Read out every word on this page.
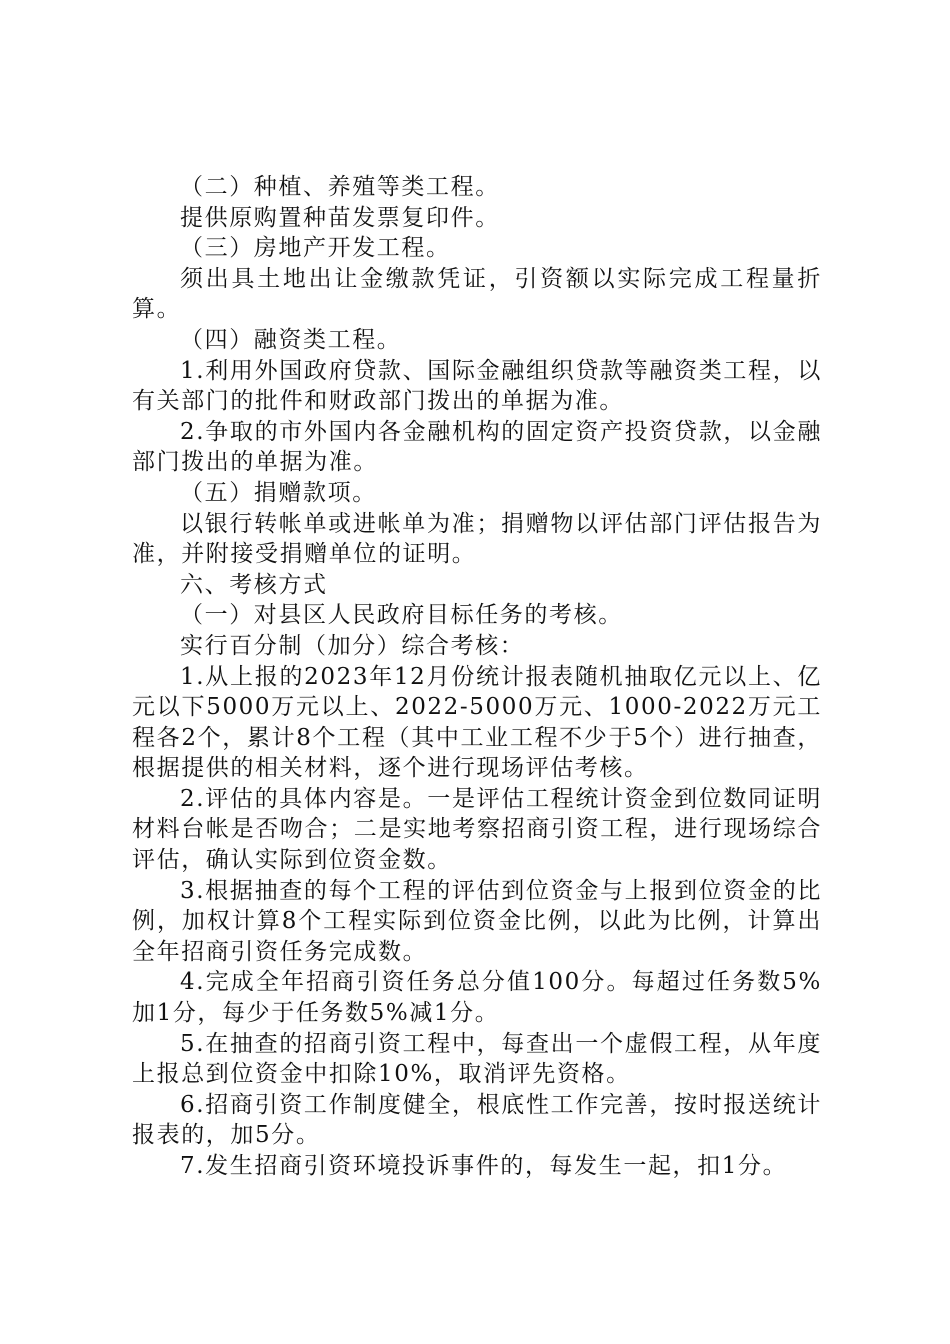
（二）种植、养殖等类工程。

提供原购置种苗发票复印件。

（三）房地产开发工程。

须出具土地出让金缴款凭证，引资额以实际完成工程量折算。

（四）融资类工程。

1.利用外国政府贷款、国际金融组织贷款等融资类工程，以有关部门的批件和财政部门拨出的单据为准。

2.争取的市外国内各金融机构的固定资产投资贷款，以金融部门拨出的单据为准。

（五）捐赠款项。

以银行转帐单或进帐单为准；捐赠物以评估部门评估报告为准，并附接受捐赠单位的证明。

六、考核方式

（一）对县区人民政府目标任务的考核。

实行百分制（加分）综合考核：

1.从上报的2023年12月份统计报表随机抽取亿元以上、亿元以下5000万元以上、2022-5000万元、1000-2022万元工程各2个，累计8个工程（其中工业工程不少于5个）进行抽查，根据提供的相关材料，逐个进行现场评估考核。

2.评估的具体内容是。一是评估工程统计资金到位数同证明材料台帐是否吻合；二是实地考察招商引资工程，进行现场综合评估，确认实际到位资金数。

3.根据抽查的每个工程的评估到位资金与上报到位资金的比例，加权计算8个工程实际到位资金比例，以此为比例，计算出全年招商引资任务完成数。

4.完成全年招商引资任务总分值100分。每超过任务数5%加1分，每少于任务数5%减1分。

5.在抽查的招商引资工程中，每查出一个虚假工程，从年度上报总到位资金中扣除10%，取消评先资格。

6.招商引资工作制度健全，根底性工作完善，按时报送统计报表的，加5分。

7.发生招商引资环境投诉事件的，每发生一起，扣1分。
